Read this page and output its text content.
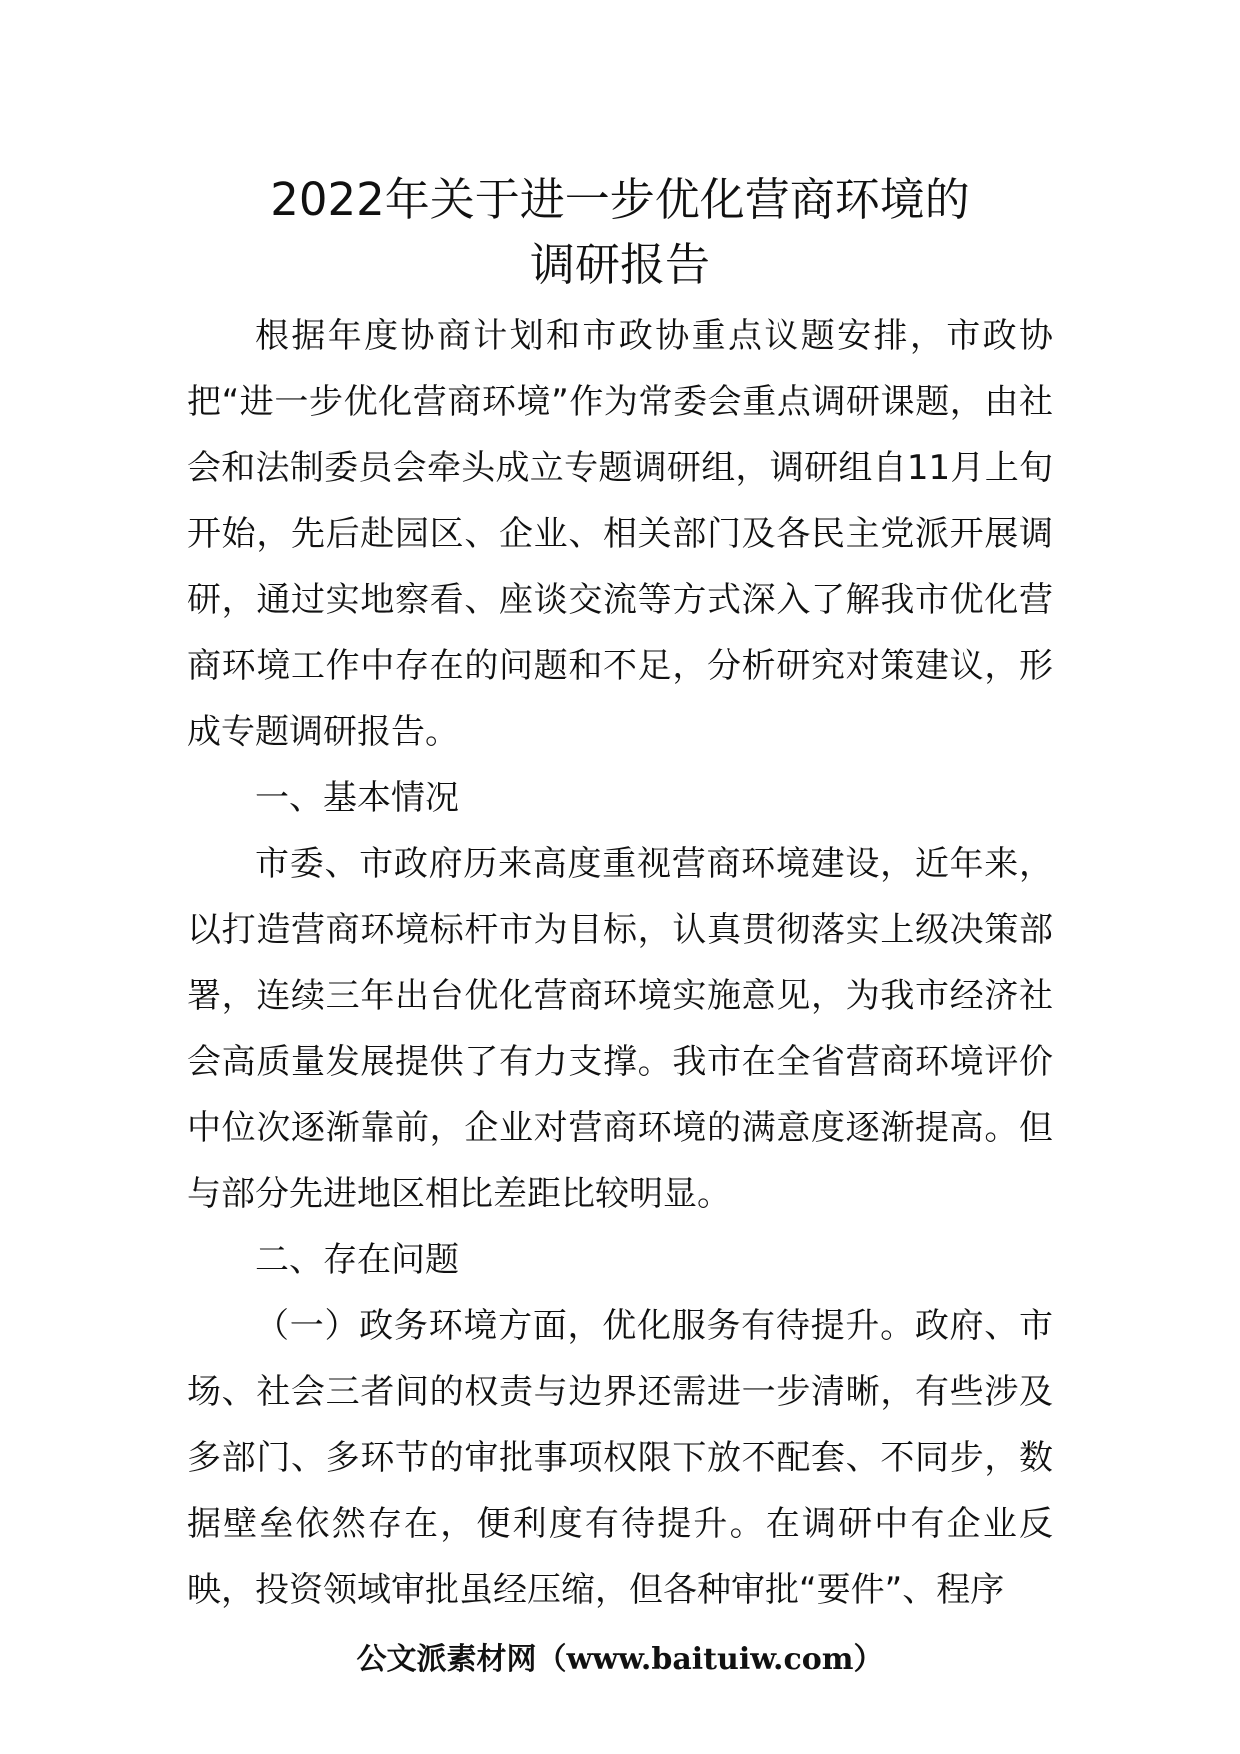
2022年关于进一步优化营商环境的
调研报告

根据年度协商计划和市政协重点议题安排，市政协把“进一步优化营商环境”作为常委会重点调研课题，由社会和法制委员会牵头成立专题调研组，调研组自11月上旬开始，先后赴园区、企业、相关部门及各民主党派开展调研，通过实地察看、座谈交流等方式深入了解我市优化营商环境工作中存在的问题和不足，分析研究对策建议，形成专题调研报告。

一、基本情况

市委、市政府历来高度重视营商环境建设，近年来，以打造营商环境标杆市为目标，认真贯彻落实上级决策部署，连续三年出台优化营商环境实施意见，为我市经济社会高质量发展提供了有力支撑。我市在全省营商环境评价中位次逐渐靠前，企业对营商环境的满意度逐渐提高。但与部分先进地区相比差距比较明显。

二、存在问题

（一）政务环境方面，优化服务有待提升。政府、市场、社会三者间的权责与边界还需进一步清晰，有些涉及多部门、多环节的审批事项权限下放不配套、不同步，数据壁垒依然存在，便利度有待提升。在调研中有企业反映，投资领域审批虽经压缩，但各种审批“要件”、程序

公文派素材网（www.baituiw.com）
